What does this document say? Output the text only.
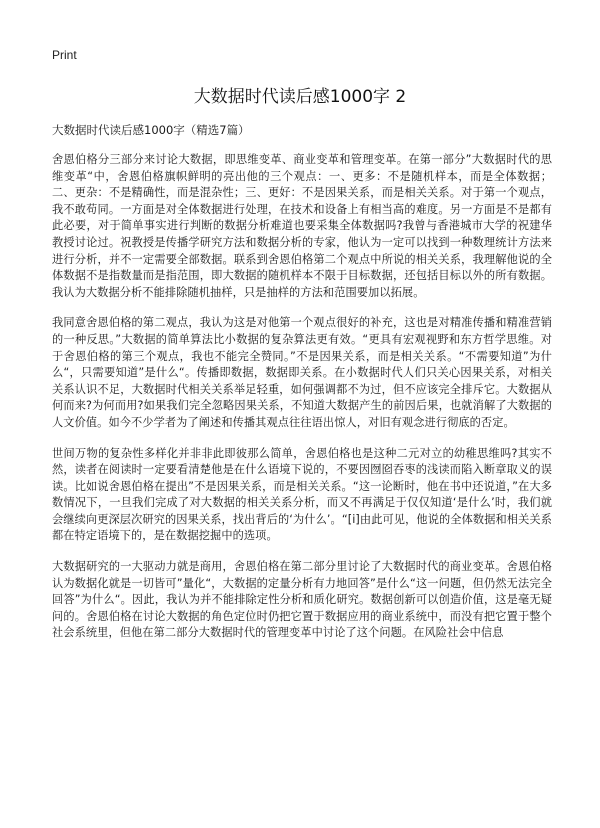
Print
大数据时代读后感1000字 2

大数据时代读后感1000字（精选7篇）

舍恩伯格分三部分来讨论大数据，即思维变革、商业变革和管理变革。在第一部分”大数据时代的思维变革“中，舍恩伯格旗帜鲜明的亮出他的三个观点：一、更多：不是随机样本，而是全体数据；二、更杂：不是精确性，而是混杂性；三、更好：不是因果关系，而是相关关系。对于第一个观点，我不敢苟同。一方面是对全体数据进行处理，在技术和设备上有相当高的难度。另一方面是不是都有此必要，对于简单事实进行判断的数据分析难道也要采集全体数据吗?我曾与香港城市大学的祝建华教授讨论过。祝教授是传播学研究方法和数据分析的专家，他认为一定可以找到一种数理统计方法来进行分析，并不一定需要全部数据。联系到舍恩伯格第二个观点中所说的相关关系，我理解他说的全体数据不是指数量而是指范围，即大数据的随机样本不限于目标数据，还包括目标以外的所有数据。我认为大数据分析不能排除随机抽样，只是抽样的方法和范围要加以拓展。

我同意舍恩伯格的第二观点，我认为这是对他第一个观点很好的补充，这也是对精准传播和精准营销的一种反思。”大数据的简单算法比小数据的复杂算法更有效。“更具有宏观视野和东方哲学思维。对于舍恩伯格的第三个观点，我也不能完全赞同。”不是因果关系，而是相关关系。“不需要知道”为什么“，只需要知道”是什么“。传播即数据，数据即关系。在小数据时代人们只关心因果关系，对相关关系认识不足，大数据时代相关关系举足轻重，如何强调都不为过，但不应该完全排斥它。大数据从何而来?为何而用?如果我们完全忽略因果关系，不知道大数据产生的前因后果，也就消解了大数据的人文价值。如今不少学者为了阐述和传播其观点往往语出惊人，对旧有观念进行彻底的否定。

世间万物的复杂性多样化并非非此即彼那么简单，舍恩伯格也是这种二元对立的幼稚思维吗?其实不然，读者在阅读时一定要看清楚他是在什么语境下说的，不要因囫囵吞枣的浅读而陷入断章取义的误读。比如说舍恩伯格在提出”不是因果关系，而是相关关系。“这一论断时，他在书中还说道，”在大多数情况下，一旦我们完成了对大数据的相关关系分析，而又不再满足于仅仅知道‘是什么’时，我们就会继续向更深层次研究的因果关系，找出背后的‘为什么’。“[i]由此可见，他说的全体数据和相关关系都在特定语境下的，是在数据挖掘中的选项。

大数据研究的一大驱动力就是商用，舍恩伯格在第二部分里讨论了大数据时代的商业变革。舍恩伯格认为数据化就是一切皆可”量化“，大数据的定量分析有力地回答”是什么“这一问题，但仍然无法完全回答”为什么“。因此，我认为并不能排除定性分析和质化研究。数据创新可以创造价值，这是毫无疑问的。舍恩伯格在讨论大数据的角色定位时仍把它置于数据应用的商业系统中，而没有把它置于整个社会系统里，但他在第二部分大数据时代的管理变革中讨论了这个问题。在风险社会中信息
